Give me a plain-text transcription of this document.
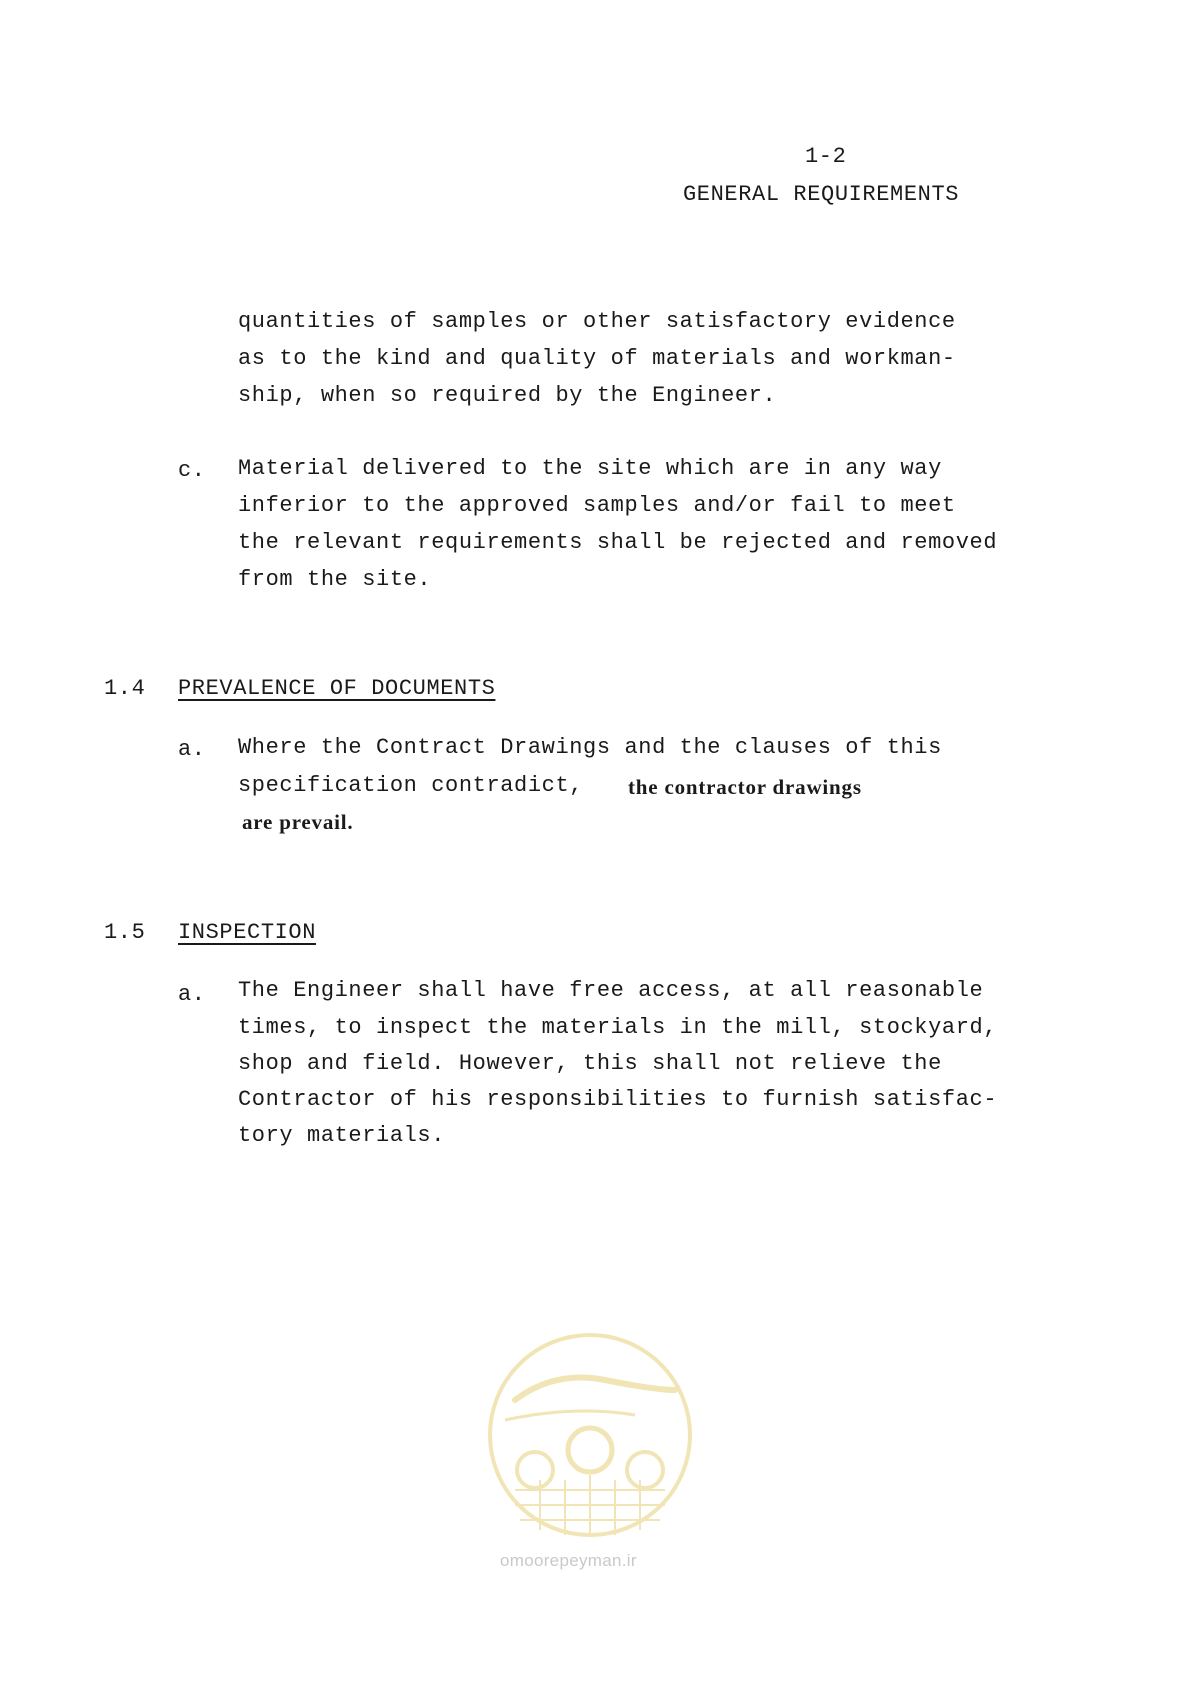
1-2
GENERAL REQUIREMENTS
quantities of samples or other satisfactory evidence
as to the kind and quality of materials and workman-
ship, when so required by the Engineer.
c. Material delivered to the site which are in any way
inferior to the approved samples and/or fail to meet
the relevant requirements shall be rejected and removed
from the site.
1.4 PREVALENCE OF DOCUMENTS
a. Where the Contract Drawings and the clauses of this
specification contradict, the contractor drawings
are prevail.
1.5 INSPECTION
a. The Engineer shall have free access, at all reasonable
times, to inspect the materials in the mill, stockyard,
shop and field. However, this shall not relieve the
Contractor of his responsibilities to furnish satisfac-
tory materials.
omoorepeyman.ir
